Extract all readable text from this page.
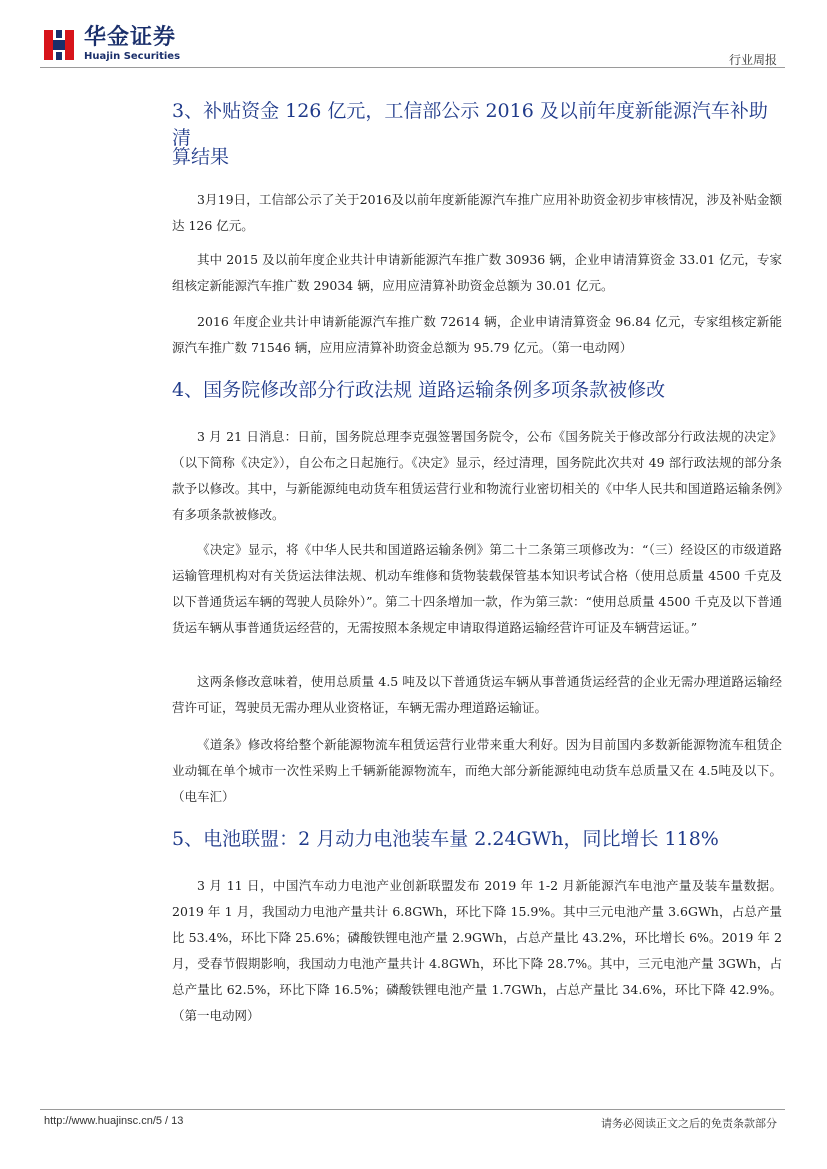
华金证券
Huajin Securities	行业周报
3、补贴资金 126 亿元，工信部公示 2016 及以前年度新能源汽车补助清
算结果

3月19日，工信部公示了关于2016及以前年度新能源汽车推广应用补助资金初步审核情况，涉及补贴金额达 126 亿元。

其中 2015 及以前年度企业共计申请新能源汽车推广数 30936 辆，企业申请清算资金 33.01 亿元，专家组核定新能源汽车推广数 29034 辆，应用应清算补助资金总额为 30.01 亿元。

2016 年度企业共计申请新能源汽车推广数 72614 辆，企业申请清算资金 96.84 亿元，专家组核定新能源汽车推广数 71546 辆，应用应清算补助资金总额为 95.79 亿元。（第一电动网）

4、国务院修改部分行政法规 道路运输条例多项条款被修改

3 月 21 日消息：日前，国务院总理李克强签署国务院令，公布《国务院关于修改部分行政法规的决定》（以下简称《决定》），自公布之日起施行。《决定》显示，经过清理，国务院此次共对 49 部行政法规的部分条款予以修改。其中，与新能源纯电动货车租赁运营行业和物流行业密切相关的《中华人民共和国道路运输条例》有多项条款被修改。

《决定》显示，将《中华人民共和国道路运输条例》第二十二条第三项修改为：“（三）经设区的市级道路运输管理机构对有关货运法律法规、机动车维修和货物装载保管基本知识考试合格（使用总质量 4500 千克及以下普通货运车辆的驾驶人员除外）”。第二十四条增加一款，作为第三款：“使用总质量 4500 千克及以下普通货运车辆从事普通货运经营的，无需按照本条规定申请取得道路运输经营许可证及车辆营运证。”

这两条修改意味着，使用总质量 4.5 吨及以下普通货运车辆从事普通货运经营的企业无需办理道路运输经营许可证，驾驶员无需办理从业资格证，车辆无需办理道路运输证。

《道条》修改将给整个新能源物流车租赁运营行业带来重大利好。因为目前国内多数新能源物流车租赁企业动辄在单个城市一次性采购上千辆新能源物流车，而绝大部分新能源纯电动货车总质量又在 4.5吨及以下。（电车汇）

5、电池联盟：2 月动力电池装车量 2.24GWh，同比增长 118%

3 月 11 日，中国汽车动力电池产业创新联盟发布 2019 年 1-2 月新能源汽车电池产量及装车量数据。2019 年 1 月，我国动力电池产量共计 6.8GWh，环比下降 15.9%。其中三元电池产量 3.6GWh，占总产量比 53.4%，环比下降 25.6%；磷酸铁锂电池产量 2.9GWh，占总产量比 43.2%，环比增长 6%。2019 年 2 月，受春节假期影响，我国动力电池产量共计 4.8GWh，环比下降 28.7%。其中，三元电池产量 3GWh，占总产量比 62.5%，环比下降 16.5%；磷酸铁锂电池产量 1.7GWh，占总产量比 34.6%，环比下降 42.9%。（第一电动网）

http://www.huajinsc.cn/5 / 13	请务必阅读正文之后的免责条款部分
